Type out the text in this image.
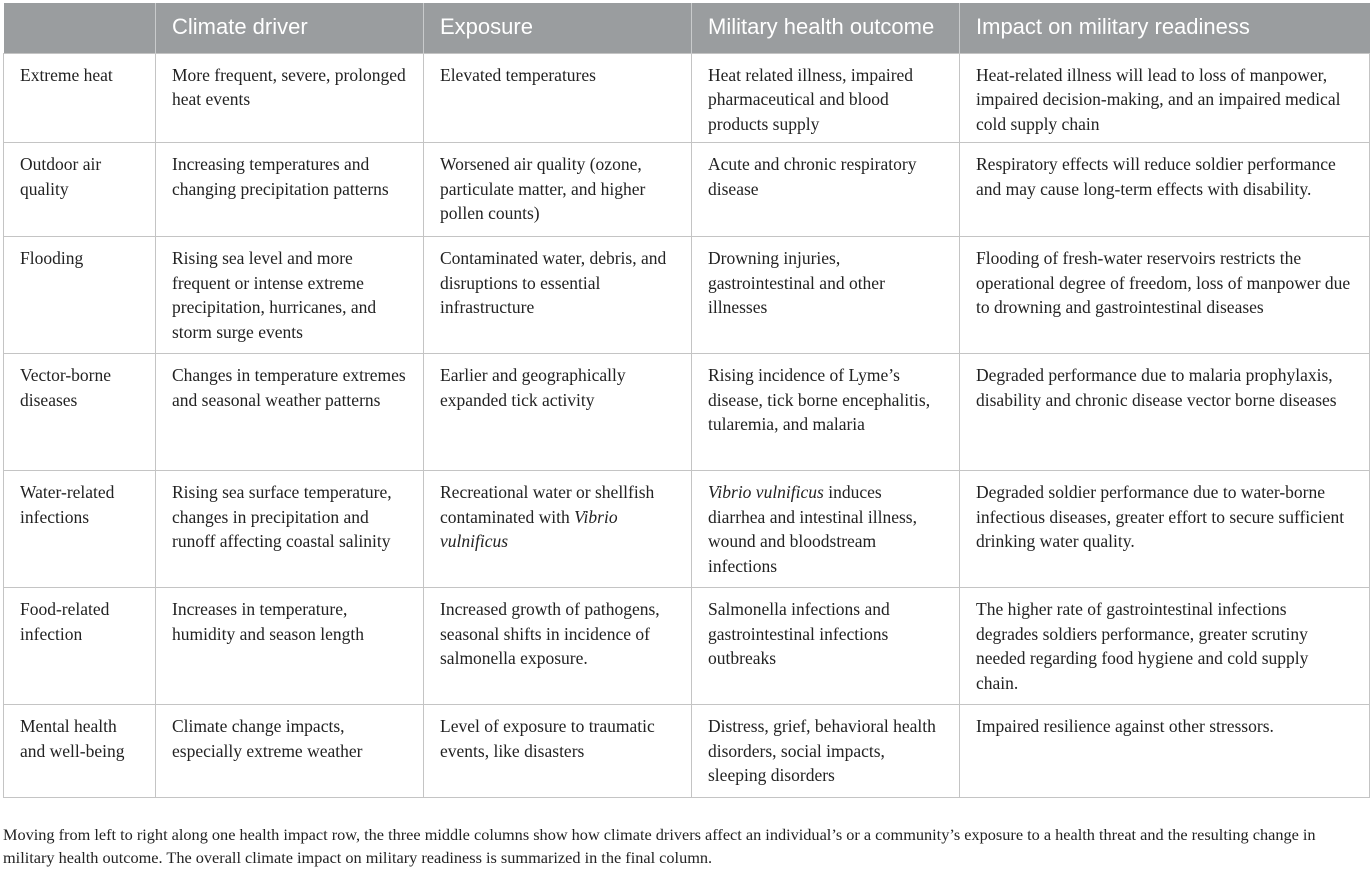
	Climate driver	Exposure	Military health outcome	Impact on military readiness
Extreme heat	More frequent, severe, prolonged heat events	Elevated temperatures	Heat related illness, impaired pharmaceutical and blood products supply	Heat-related illness will lead to loss of manpower, impaired decision-making, and an impaired medical cold supply chain
Outdoor air quality	Increasing temperatures and changing precipitation patterns	Worsened air quality (ozone, particulate matter, and higher pollen counts)	Acute and chronic respiratory disease	Respiratory effects will reduce soldier performance and may cause long-term effects with disability.
Flooding	Rising sea level and more frequent or intense extreme precipitation, hurricanes, and storm surge events	Contaminated water, debris, and disruptions to essential infrastructure	Drowning injuries, gastrointestinal and other illnesses	Flooding of fresh-water reservoirs restricts the operational degree of freedom, loss of manpower due to drowning and gastrointestinal diseases
Vector-borne diseases	Changes in temperature extremes and seasonal weather patterns	Earlier and geographically expanded tick activity	Rising incidence of Lyme’s disease, tick borne encephalitis, tularemia, and malaria	Degraded performance due to malaria prophylaxis, disability and chronic disease vector borne diseases
Water-related infections	Rising sea surface temperature, changes in precipitation and runoff affecting coastal salinity	Recreational water or shellfish contaminated with Vibrio vulnificus	Vibrio vulnificus induces diarrhea and intestinal illness, wound and bloodstream infections	Degraded soldier performance due to water-borne infectious diseases, greater effort to secure sufficient drinking water quality.
Food-related infection	Increases in temperature, humidity and season length	Increased growth of pathogens, seasonal shifts in incidence of salmonella exposure.	Salmonella infections and gastrointestinal infections outbreaks	The higher rate of gastrointestinal infections degrades soldiers performance, greater scrutiny needed regarding food hygiene and cold supply chain.
Mental health and well-being	Climate change impacts, especially extreme weather	Level of exposure to traumatic events, like disasters	Distress, grief, behavioral health disorders, social impacts, sleeping disorders	Impaired resilience against other stressors.

Moving from left to right along one health impact row, the three middle columns show how climate drivers affect an individual’s or a community’s exposure to a health threat and the resulting change in military health outcome. The overall climate impact on military readiness is summarized in the final column.
